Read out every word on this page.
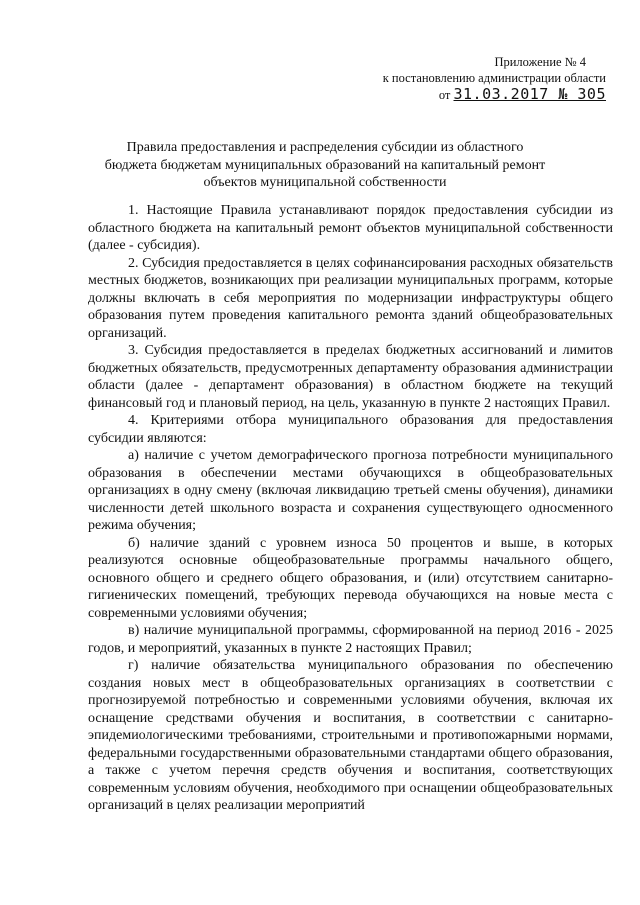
Приложение № 4
к постановлению администрации области
от 31.03.2017 № 305
Правила предоставления и распределения субсидии из областного бюджета бюджетам муниципальных образований на капитальный ремонт объектов муниципальной собственности

1. Настоящие Правила устанавливают порядок предоставления субсидии из областного бюджета на капитальный ремонт объектов муниципальной собственности (далее - субсидия).

2. Субсидия предоставляется в целях софинансирования расходных обязательств местных бюджетов, возникающих при реализации муниципальных программ, которые должны включать в себя мероприятия по модернизации инфраструктуры общего образования путем проведения капитального ремонта зданий общеобразовательных организаций.

3. Субсидия предоставляется в пределах бюджетных ассигнований и лимитов бюджетных обязательств, предусмотренных департаменту образования администрации области (далее - департамент образования) в областном бюджете на текущий финансовый год и плановый период, на цель, указанную в пункте 2 настоящих Правил.

4. Критериями отбора муниципального образования для предоставления субсидии являются:

а) наличие с учетом демографического прогноза потребности муниципального образования в обеспечении местами обучающихся в общеобразовательных организациях в одну смену (включая ликвидацию третьей смены обучения), динамики численности детей школьного возраста и сохранения существующего односменного режима обучения;

б) наличие зданий с уровнем износа 50 процентов и выше, в которых реализуются основные общеобразовательные программы начального общего, основного общего и среднего общего образования, и (или) отсутствием санитарно-гигиенических помещений, требующих перевода обучающихся на новые места с современными условиями обучения;

в) наличие муниципальной программы, сформированной на период 2016 - 2025 годов, и мероприятий, указанных в пункте 2 настоящих Правил;

г) наличие обязательства муниципального образования по обеспечению создания новых мест в общеобразовательных организациях в соответствии с прогнозируемой потребностью и современными условиями обучения, включая их оснащение средствами обучения и воспитания, в соответствии с санитарно-эпидемиологическими требованиями, строительными и противопожарными нормами, федеральными государственными образовательными стандартами общего образования, а также с учетом перечня средств обучения и воспитания, соответствующих современным условиям обучения, необходимого при оснащении общеобразовательных организаций в целях реализации мероприятий
